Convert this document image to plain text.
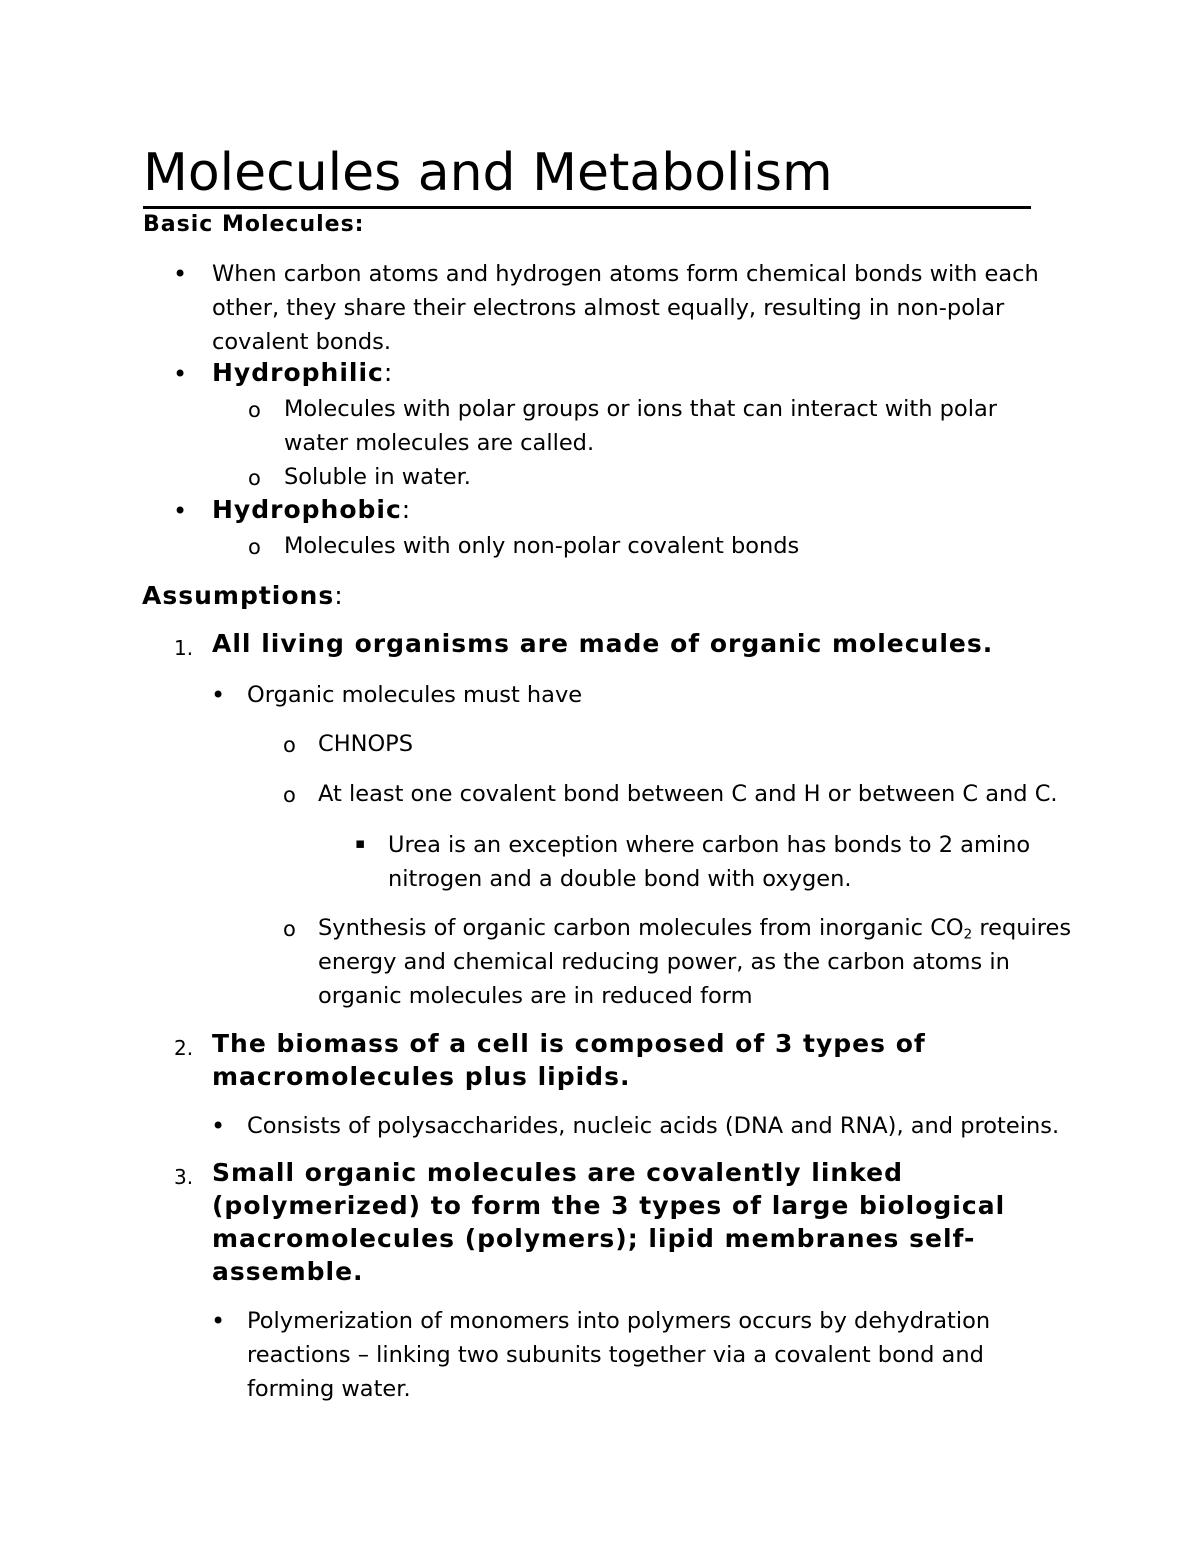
Molecules and Metabolism
Basic Molecules:
• When carbon atoms and hydrogen atoms form chemical bonds with each
other, they share their electrons almost equally, resulting in non-polar
covalent bonds.
• Hydrophilic:
o Molecules with polar groups or ions that can interact with polar
water molecules are called.
o Soluble in water.
• Hydrophobic:
o Molecules with only non-polar covalent bonds
Assumptions:
1. All living organisms are made of organic molecules.
• Organic molecules must have
o CHNOPS
o At least one covalent bond between C and H or between C and C.
▪ Urea is an exception where carbon has bonds to 2 amino
nitrogen and a double bond with oxygen.
o Synthesis of organic carbon molecules from inorganic $CO_2$ requires
energy and chemical reducing power, as the carbon atoms in
organic molecules are in reduced form
2. The biomass of a cell is composed of 3 types of
macromolecules plus lipids.
• Consists of polysaccharides, nucleic acids (DNA and RNA), and proteins.
3. Small organic molecules are covalently linked
(polymerized) to form the 3 types of large biological
macromolecules (polymers); lipid membranes self-
assemble.
• Polymerization of monomers into polymers occurs by dehydration
reactions – linking two subunits together via a covalent bond and
forming water.
